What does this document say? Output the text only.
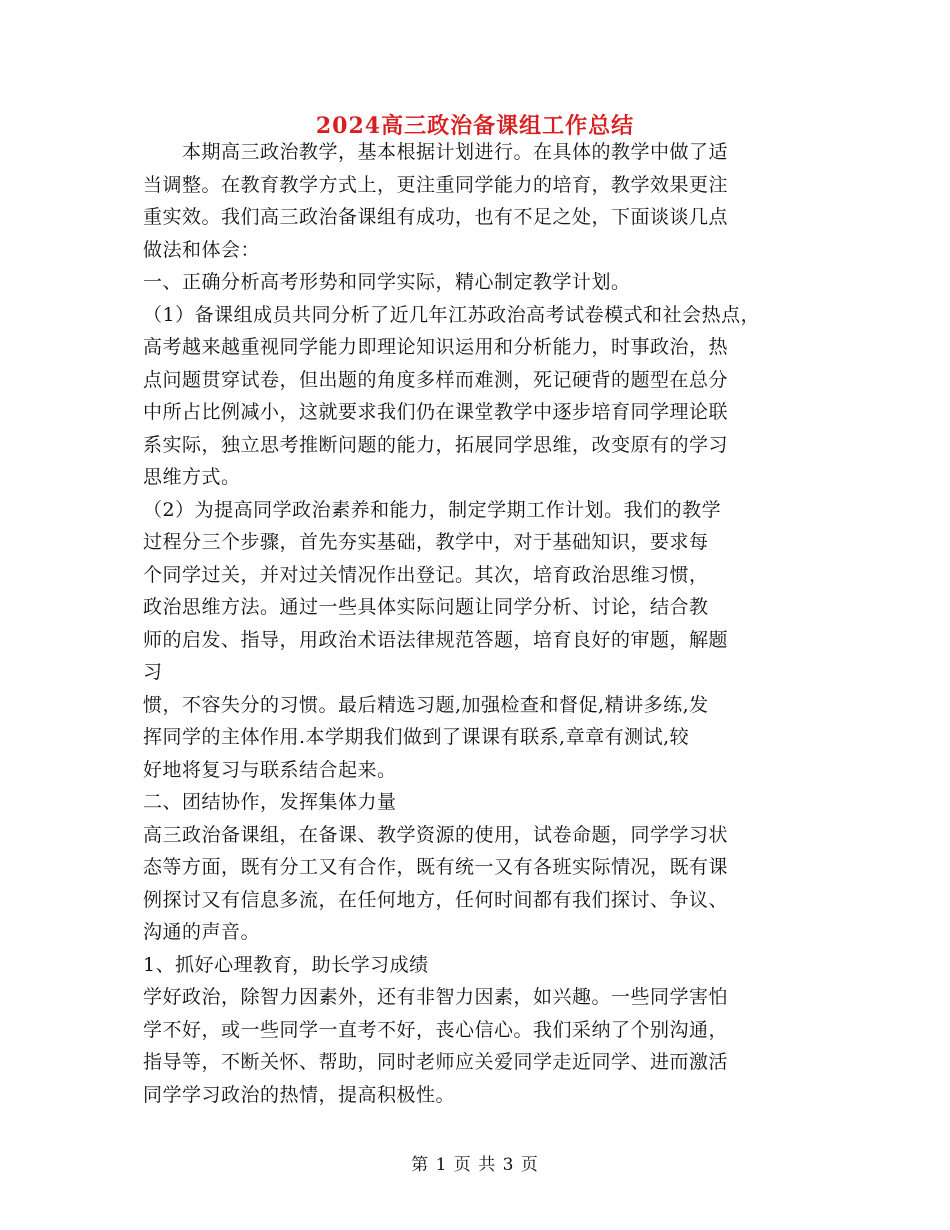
2024高三政治备课组工作总结
　　本期高三政治教学，基本根据计划进行。在具体的教学中做了适
当调整。在教育教学方式上，更注重同学能力的培育，教学效果更注
重实效。我们高三政治备课组有成功，也有不足之处，下面谈谈几点
做法和体会：
一、正确分析高考形势和同学实际，精心制定教学计划。
（1）备课组成员共同分析了近几年江苏政治高考试卷模式和社会热点，
高考越来越重视同学能力即理论知识运用和分析能力，时事政治，热
点问题贯穿试卷，但出题的角度多样而难测，死记硬背的题型在总分
中所占比例减小，这就要求我们仍在课堂教学中逐步培育同学理论联
系实际，独立思考推断问题的能力，拓展同学思维，改变原有的学习
思维方式。
（2）为提高同学政治素养和能力，制定学期工作计划。我们的教学
过程分三个步骤，首先夯实基础，教学中，对于基础知识，要求每
个同学过关，并对过关情况作出登记。其次，培育政治思维习惯，
政治思维方法。通过一些具体实际问题让同学分析、讨论，结合教
师的启发、指导，用政治术语法律规范答题，培育良好的审题，解题
习
惯，不容失分的习惯。最后精选习题,加强检查和督促,精讲多练,发
挥同学的主体作用.本学期我们做到了课课有联系,章章有测试,较
好地将复习与联系结合起来。
二、团结协作，发挥集体力量
高三政治备课组，在备课、教学资源的使用，试卷命题，同学学习状
态等方面，既有分工又有合作，既有统一又有各班实际情况，既有课
例探讨又有信息多流，在任何地方，任何时间都有我们探讨、争议、
沟通的声音。
1、抓好心理教育，助长学习成绩
学好政治，除智力因素外，还有非智力因素，如兴趣。一些同学害怕
学不好，或一些同学一直考不好，丧心信心。我们采纳了个别沟通，
指导等，不断关怀、帮助，同时老师应关爱同学走近同学、进而激活
同学学习政治的热情，提高积极性。
第 1 页 共 3 页
